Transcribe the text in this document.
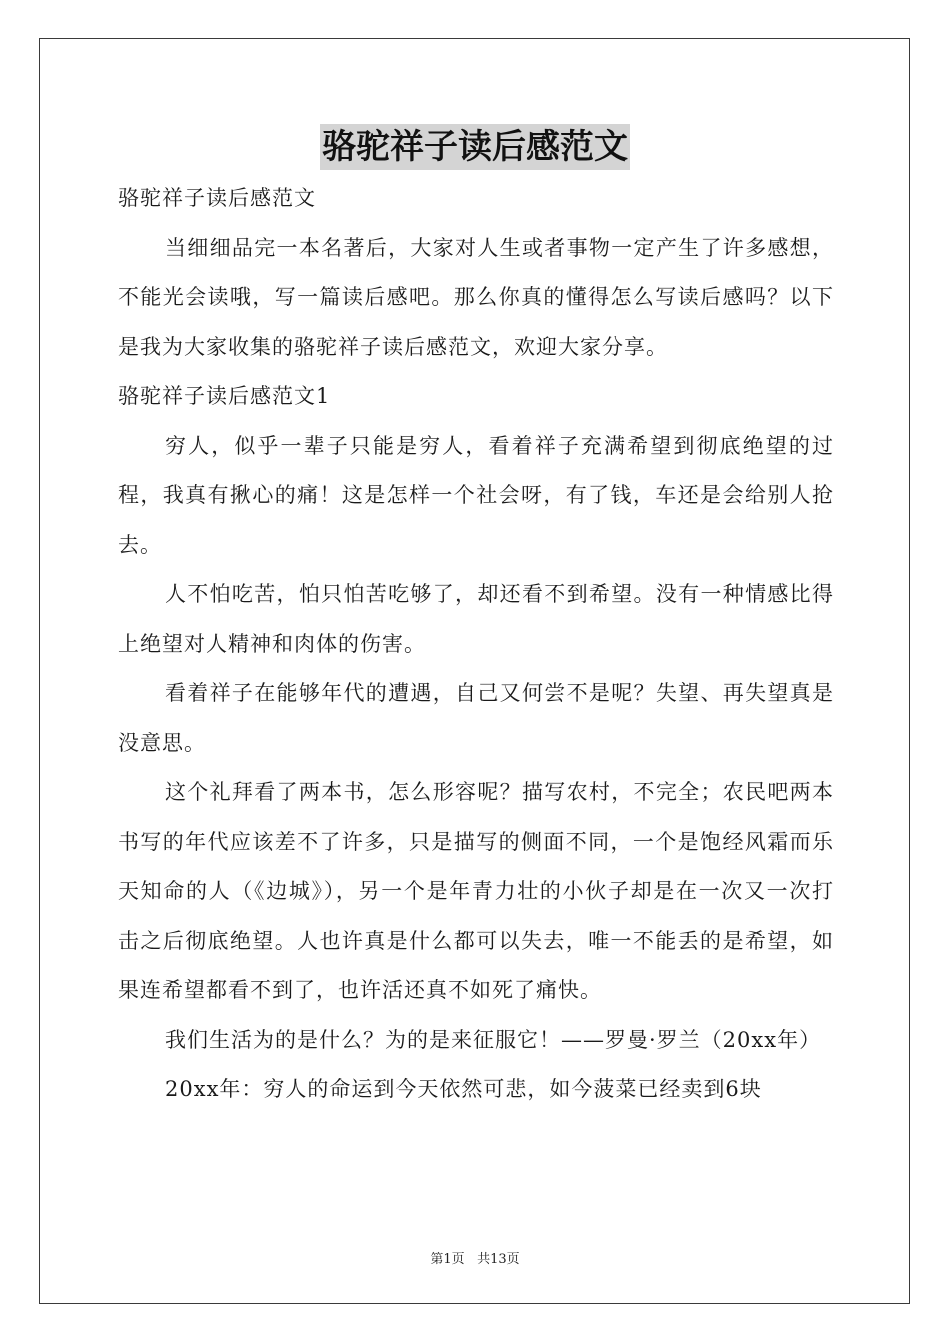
骆驼祥子读后感范文

骆驼祥子读后感范文

当细细品完一本名著后，大家对人生或者事物一定产生了许多感想，不能光会读哦，写一篇读后感吧。那么你真的懂得怎么写读后感吗？以下是我为大家收集的骆驼祥子读后感范文，欢迎大家分享。

骆驼祥子读后感范文1

穷人，似乎一辈子只能是穷人，看着祥子充满希望到彻底绝望的过程，我真有揪心的痛！这是怎样一个社会呀，有了钱，车还是会给别人抢去。

人不怕吃苦，怕只怕苦吃够了，却还看不到希望。没有一种情感比得上绝望对人精神和肉体的伤害。

看着祥子在能够年代的遭遇，自己又何尝不是呢？失望、再失望真是没意思。

这个礼拜看了两本书，怎么形容呢？描写农村，不完全；农民吧两本书写的年代应该差不了许多，只是描写的侧面不同，一个是饱经风霜而乐天知命的人（《边城》），另一个是年青力壮的小伙子却是在一次又一次打击之后彻底绝望。人也许真是什么都可以失去，唯一不能丢的是希望，如果连希望都看不到了，也许活还真不如死了痛快。

我们生活为的是什么？为的是来征服它！——罗曼·罗兰（20xx年）

20xx年：穷人的命运到今天依然可悲，如今菠菜已经卖到6块

第1页 共13页
